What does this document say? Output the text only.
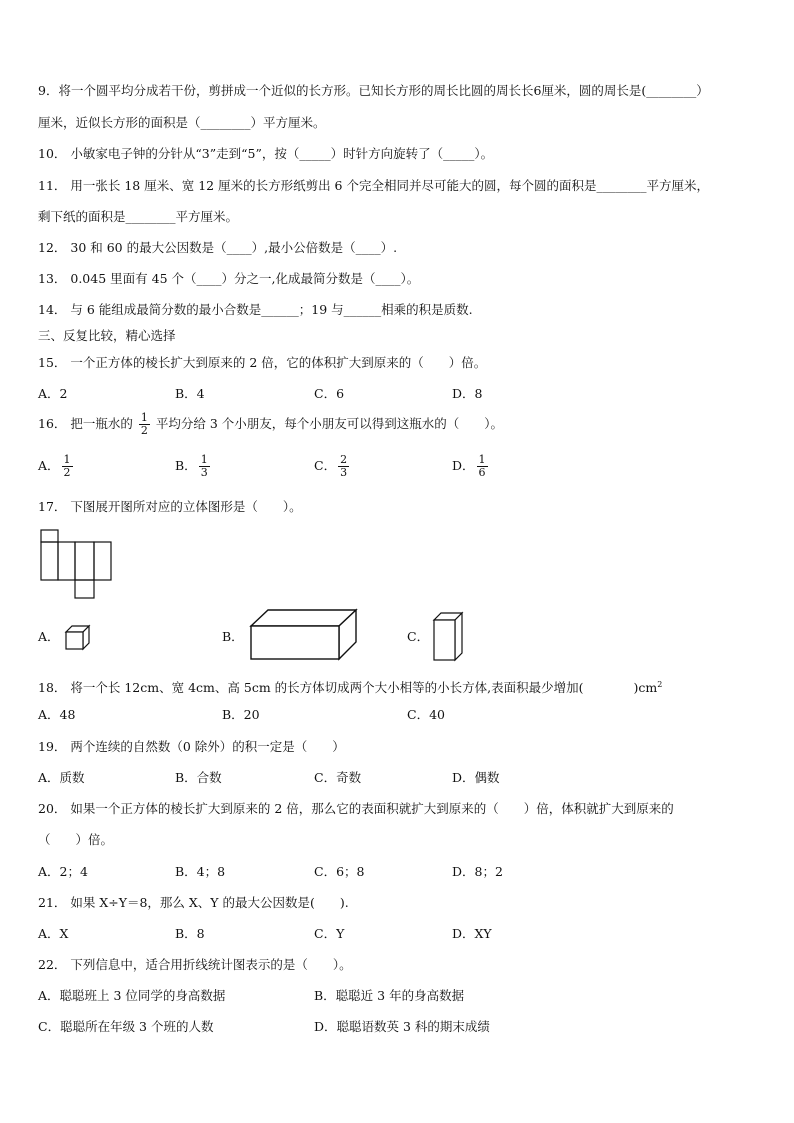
9．将一个圆平均分成若干份，剪拼成一个近似的长方形。已知长方形的周长比圆的周长长6厘米，圆的周长是(________）
厘米，近似长方形的面积是（________）平方厘米。
10． 小敏家电子钟的分针从“3”走到“5”，按（_____）时针方向旋转了（_____）。
11． 用一张长 18 厘米、宽 12 厘米的长方形纸剪出 6 个完全相同并尽可能大的圆，每个圆的面积是________平方厘米，
剩下纸的面积是________平方厘米。
12． 30 和 60 的最大公因数是（____）,最小公倍数是（____）.
13． 0.045 里面有 45 个（____）分之一,化成最简分数是（____）。
14． 与 6 能组成最简分数的最小合数是______；19 与______相乘的积是质数.
三、反复比较，精心选择
15． 一个正方体的棱长扩大到原来的 2 倍，它的体积扩大到原来的（　　）倍。
A．2	B．4	C．6	D．8
16． 把一瓶水的 $\frac{1}{2}$ 平均分给 3 个小朋友，每个小朋友可以得到这瓶水的（　　）。
A． $\frac{1}{2}$	B． $\frac{1}{3}$	C． $\frac{2}{3}$	D． $\frac{1}{6}$
17． 下图展开图所对应的立体图形是（　　）。
A．	B．	C．
18． 将一个长 12cm、宽 4cm、高 5cm 的长方体切成两个大小相等的小长方体,表面积最少增加(　　　　)$cm^2$
A．48	B．20	C．40
19． 两个连续的自然数（0 除外）的积一定是（　　）
A．质数	B．合数	C．奇数	D．偶数
20． 如果一个正方体的棱长扩大到原来的 2 倍，那么它的表面积就扩大到原来的（　　）倍，体积就扩大到原来的
（　　）倍。
A．2；4	B．4；8	C．6；8	D．8；2
21． 如果 X÷Y＝8，那么 X、Y 的最大公因数是(　　).
A．X	B．8	C．Y	D．XY
22． 下列信息中，适合用折线统计图表示的是（　　）。
A．聪聪班上 3 位同学的身高数据	B．聪聪近 3 年的身高数据
C．聪聪所在年级 3 个班的人数	D．聪聪语数英 3 科的期末成绩
